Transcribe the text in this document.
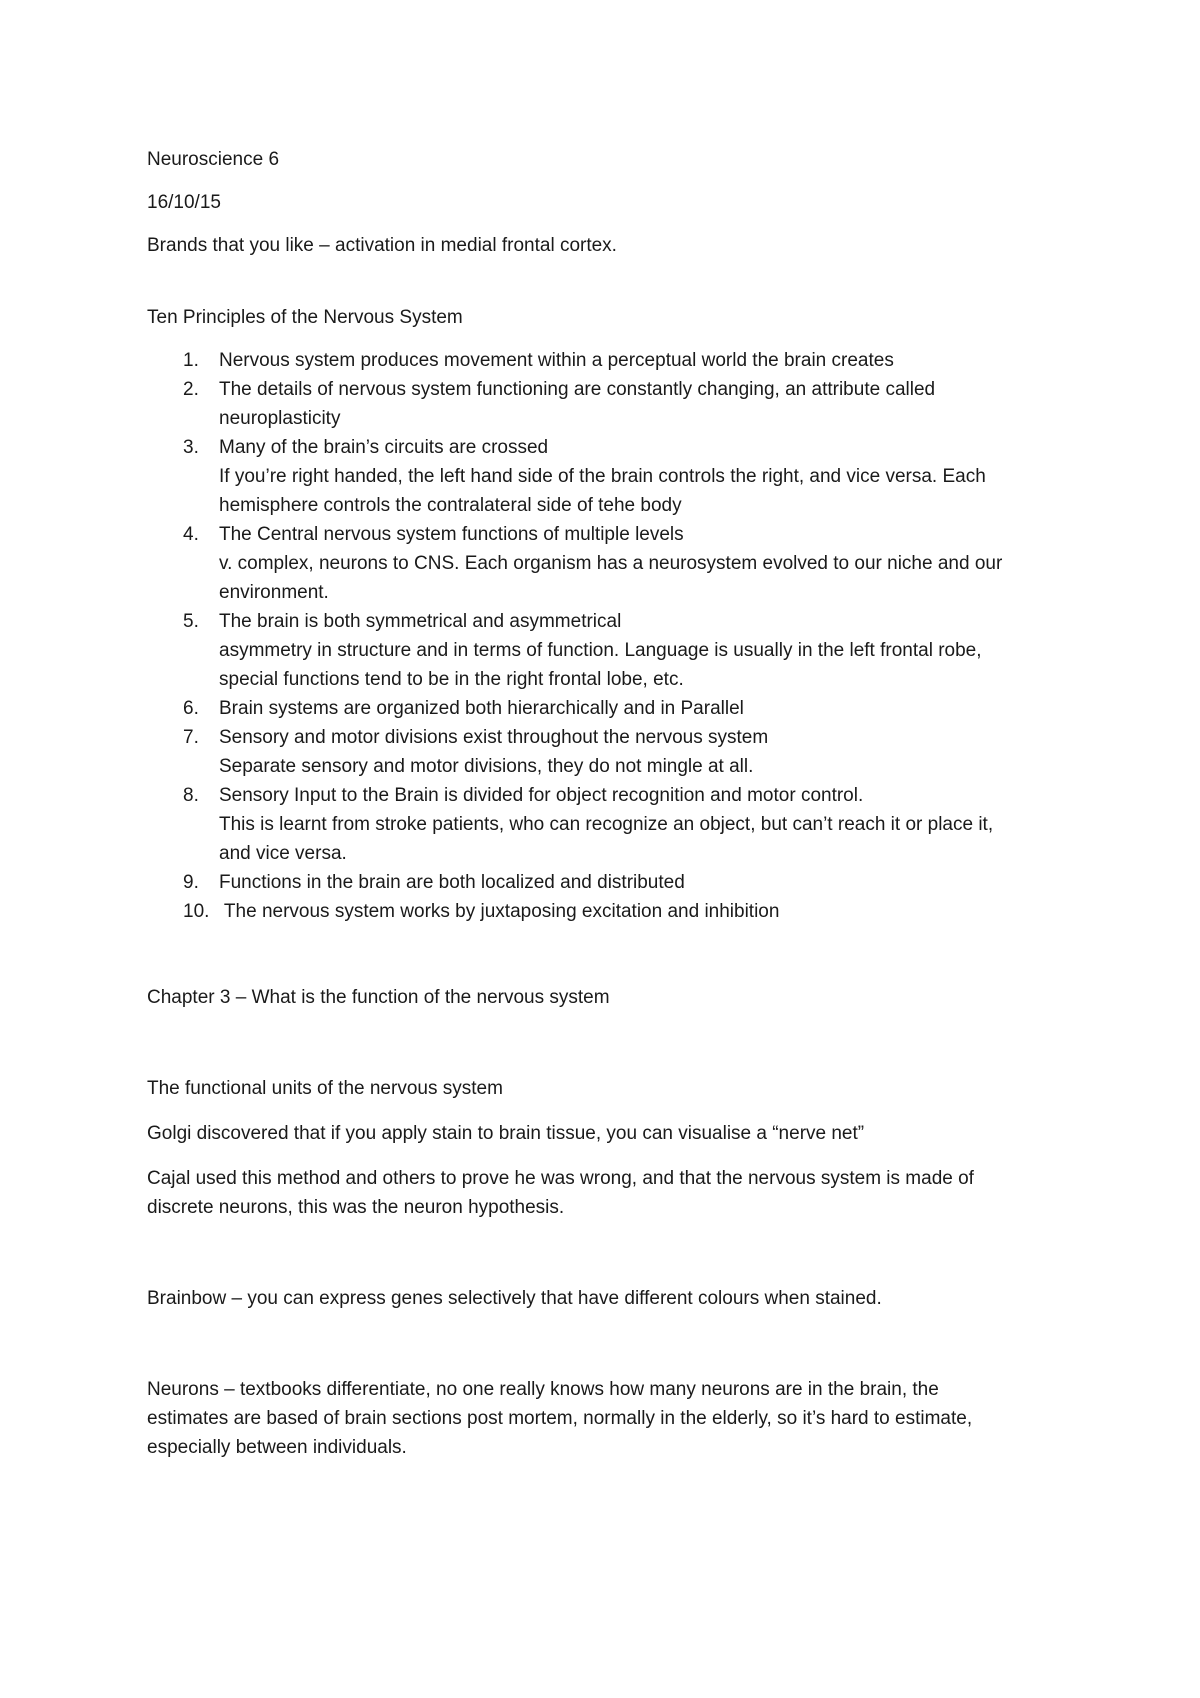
Neuroscience 6

16/10/15

Brands that you like – activation in medial frontal cortex.

Ten Principles of the Nervous System

1. Nervous system produces movement within a perceptual world the brain creates
2. The details of nervous system functioning are constantly changing, an attribute called
neuroplasticity
3. Many of the brain’s circuits are crossed
If you’re right handed, the left hand side of the brain controls the right, and vice versa. Each
hemisphere controls the contralateral side of tehe body
4. The Central nervous system functions of multiple levels
v. complex, neurons to CNS. Each organism has a neurosystem evolved to our niche and our
environment.
5. The brain is both symmetrical and asymmetrical
asymmetry in structure and in terms of function. Language is usually in the left frontal robe,
special functions tend to be in the right frontal lobe, etc.
6. Brain systems are organized both hierarchically and in Parallel
7. Sensory and motor divisions exist throughout the nervous system
Separate sensory and motor divisions, they do not mingle at all.
8. Sensory Input to the Brain is divided for object recognition and motor control.
This is learnt from stroke patients, who can recognize an object, but can’t reach it or place it,
and vice versa.
9. Functions in the brain are both localized and distributed
10. The nervous system works by juxtaposing excitation and inhibition

Chapter 3 – What is the function of the nervous system

The functional units of the nervous system

Golgi discovered that if you apply stain to brain tissue, you can visualise a “nerve net”

Cajal used this method and others to prove he was wrong, and that the nervous system is made of

discrete neurons, this was the neuron hypothesis.

Brainbow – you can express genes selectively that have different colours when stained.

Neurons – textbooks differentiate, no one really knows how many neurons are in the brain, the

estimates are based of brain sections post mortem, normally in the elderly, so it’s hard to estimate,

especially between individuals.
